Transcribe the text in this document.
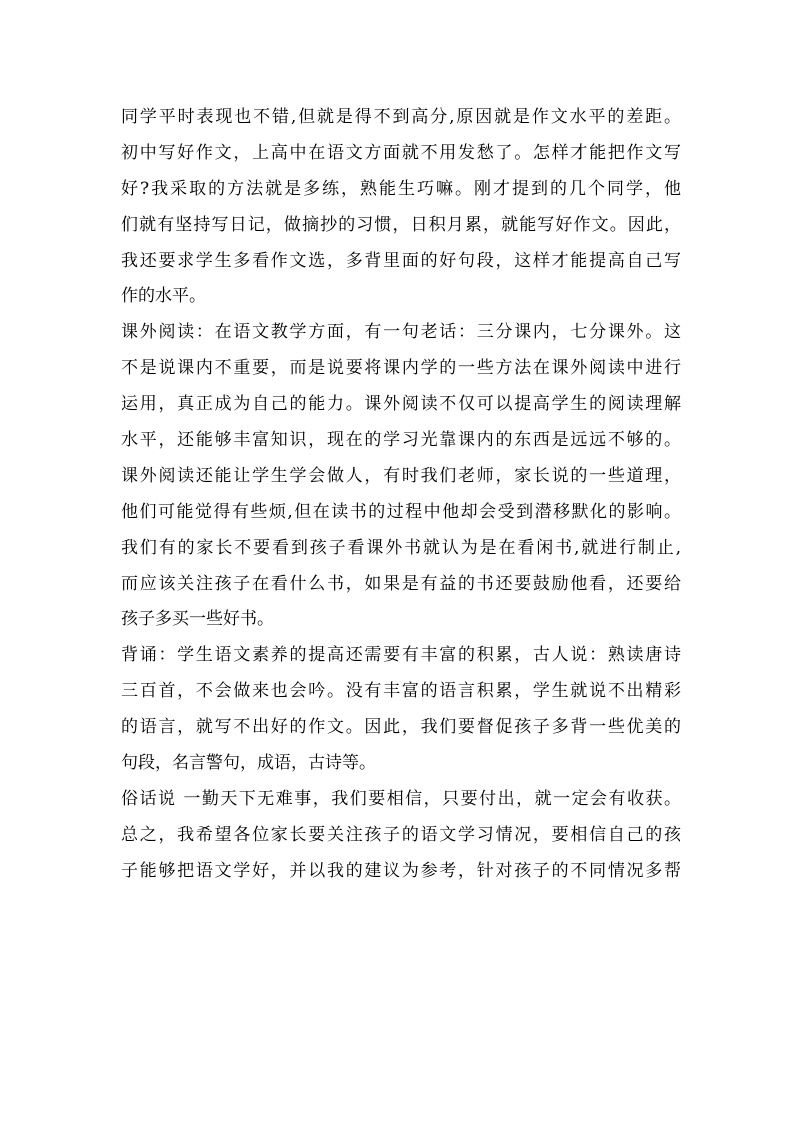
同学平时表现也不错,但就是得不到高分,原因就是作文水平的差距。
初中写好作文，上高中在语文方面就不用发愁了。怎样才能把作文写
好?我采取的方法就是多练，熟能生巧嘛。刚才提到的几个同学，他
们就有坚持写日记，做摘抄的习惯，日积月累，就能写好作文。因此，
我还要求学生多看作文选，多背里面的好句段，这样才能提高自己写
作的水平。
课外阅读：在语文教学方面，有一句老话：三分课内，七分课外。这
不是说课内不重要，而是说要将课内学的一些方法在课外阅读中进行
运用，真正成为自己的能力。课外阅读不仅可以提高学生的阅读理解
水平，还能够丰富知识，现在的学习光靠课内的东西是远远不够的。
课外阅读还能让学生学会做人，有时我们老师，家长说的一些道理，
他们可能觉得有些烦,但在读书的过程中他却会受到潜移默化的影响。
我们有的家长不要看到孩子看课外书就认为是在看闲书,就进行制止,
而应该关注孩子在看什么书，如果是有益的书还要鼓励他看，还要给
孩子多买一些好书。
背诵：学生语文素养的提高还需要有丰富的积累，古人说：熟读唐诗
三百首，不会做来也会吟。没有丰富的语言积累，学生就说不出精彩
的语言，就写不出好的作文。因此，我们要督促孩子多背一些优美的
句段，名言警句，成语，古诗等。
俗话说 一勤天下无难事，我们要相信，只要付出，就一定会有收获。
总之，我希望各位家长要关注孩子的语文学习情况，要相信自己的孩
子能够把语文学好，并以我的建议为参考，针对孩子的不同情况多帮
